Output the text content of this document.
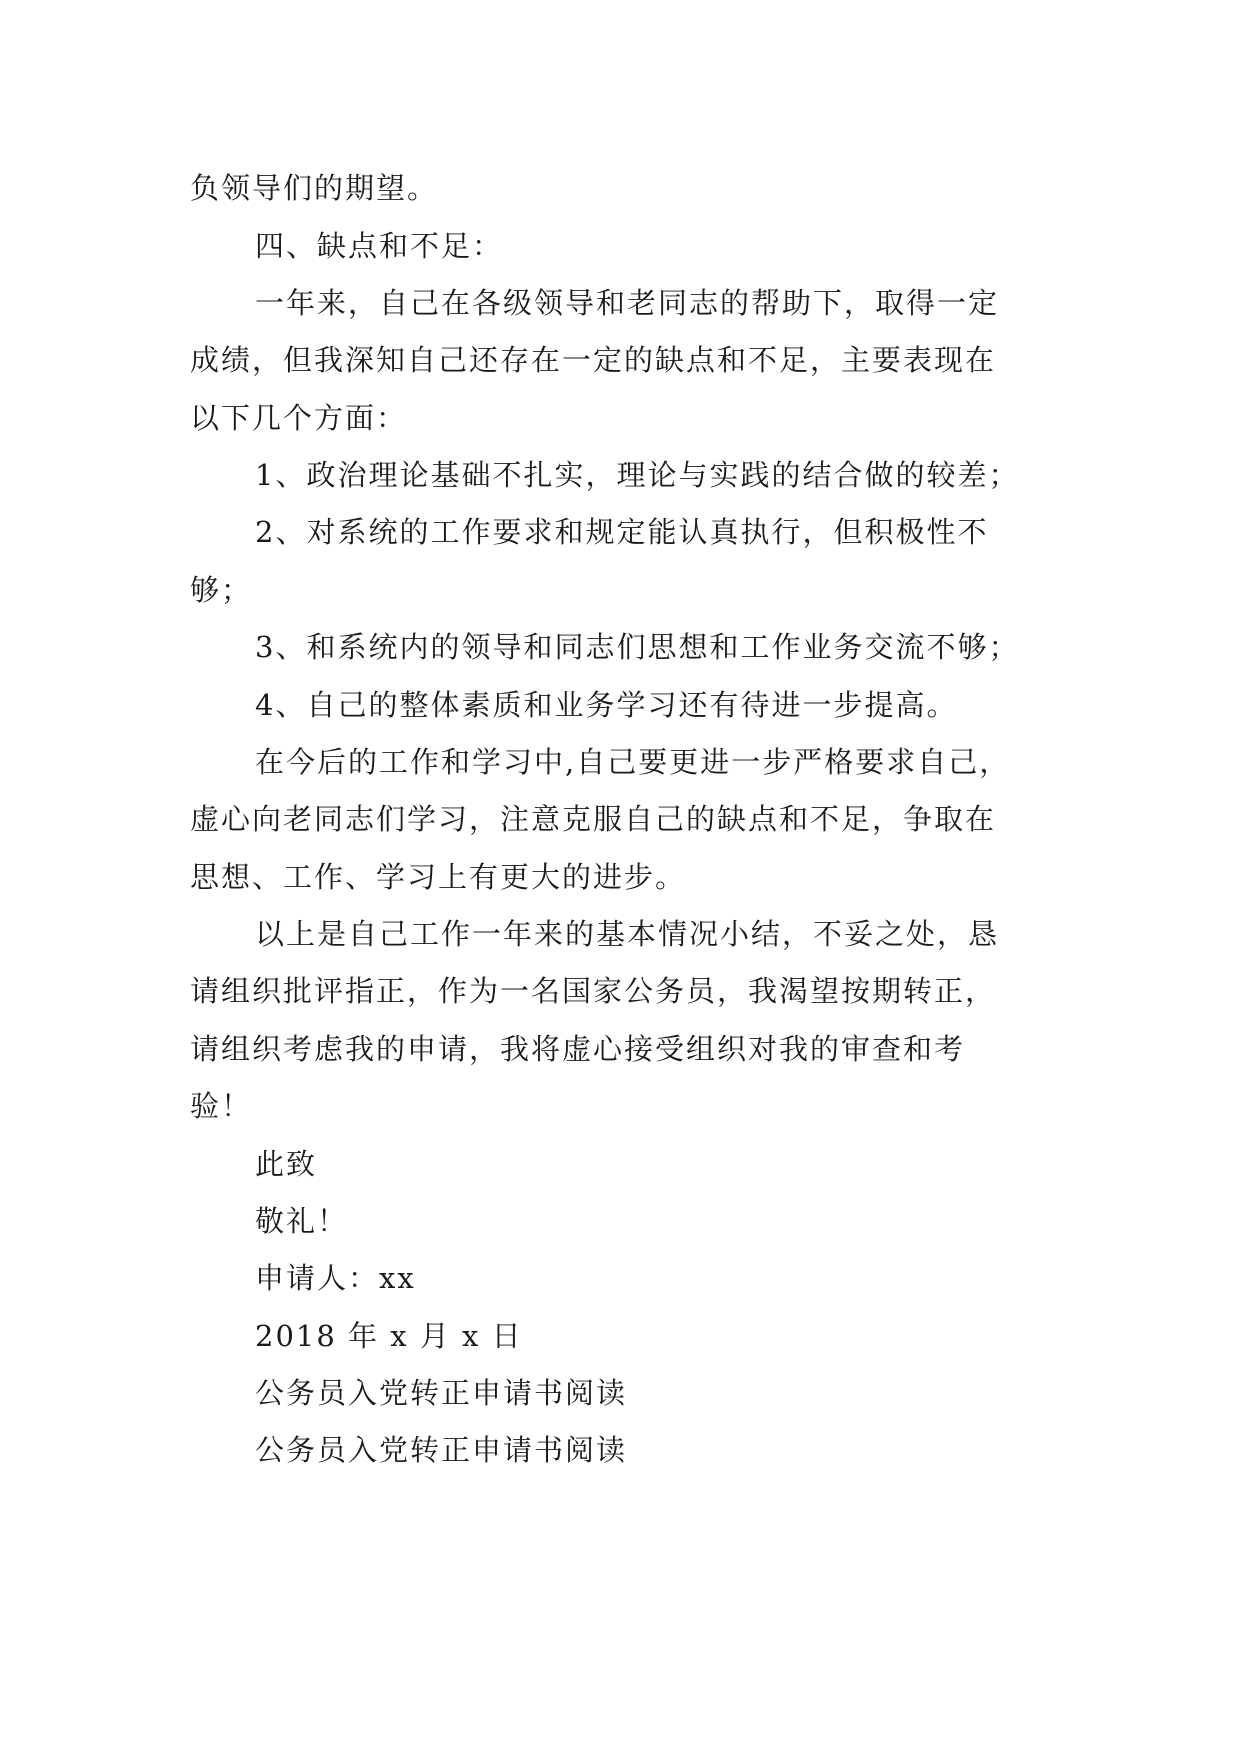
负领导们的期望。

四、缺点和不足：

一年来，自己在各级领导和老同志的帮助下，取得一定

成绩，但我深知自己还存在一定的缺点和不足，主要表现在

以下几个方面：

1、政治理论基础不扎实，理论与实践的结合做的较差；

2、对系统的工作要求和规定能认真执行，但积极性不

够；

3、和系统内的领导和同志们思想和工作业务交流不够；

4、自己的整体素质和业务学习还有待进一步提高。

在今后的工作和学习中,自己要更进一步严格要求自己，

虚心向老同志们学习，注意克服自己的缺点和不足，争取在

思想、工作、学习上有更大的进步。

以上是自己工作一年来的基本情况小结，不妥之处，恳

请组织批评指正，作为一名国家公务员，我渴望按期转正，

请组织考虑我的申请，我将虚心接受组织对我的审查和考

验！

此致

敬礼！

申请人：xx

2018 年 x 月 x 日

公务员入党转正申请书阅读

公务员入党转正申请书阅读
